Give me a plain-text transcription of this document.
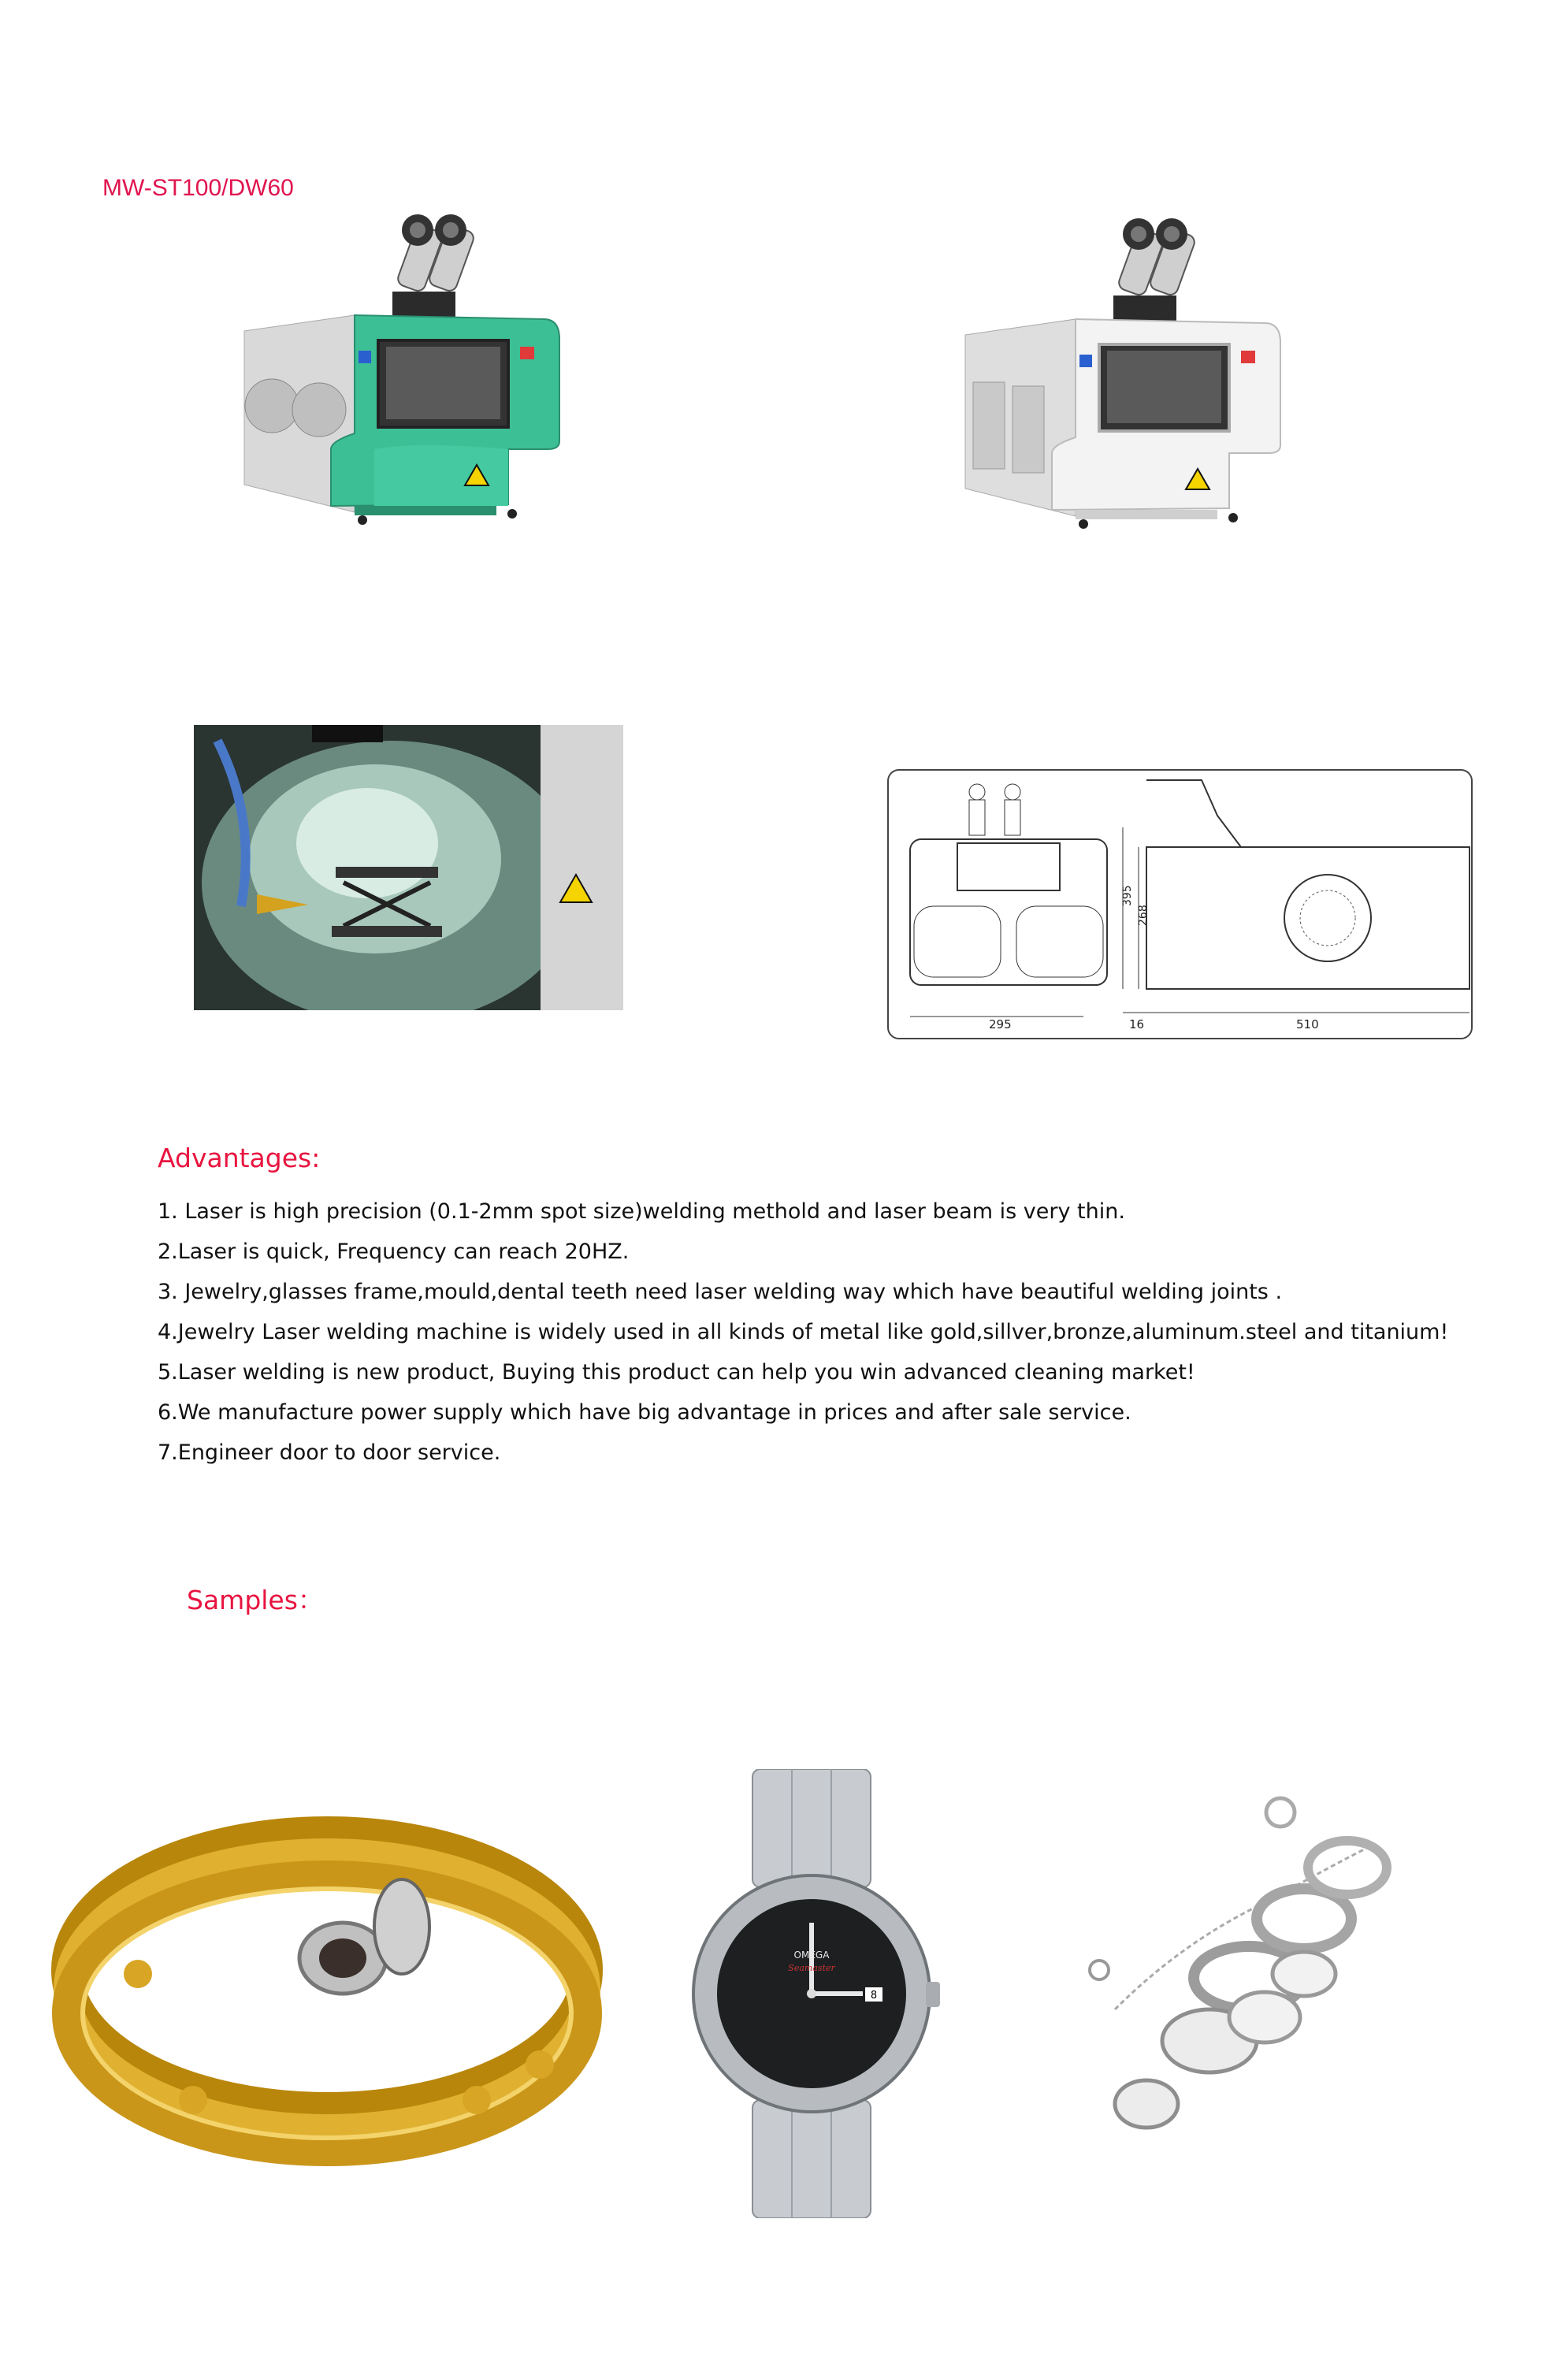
MW-ST100/DW60
395
268
295	16	510
Advantages:
1. Laser is high precision (0.1-2mm spot size)welding methold and laser beam is very thin.
2.Laser is quick, Frequency can reach 20HZ.
3. Jewelry,glasses frame,mould,dental teeth need laser welding way which have beautiful welding joints .
4.Jewelry Laser welding machine is widely used in all kinds of metal like gold,sillver,bronze,aluminum.steel and titanium!
5.Laser welding is new product, Buying this product can help you win advanced cleaning market!
6.We manufacture power supply which have big advantage in prices and after sale service.
7.Engineer door to door service.
Samples：
8
OMEGA
Seamaster
